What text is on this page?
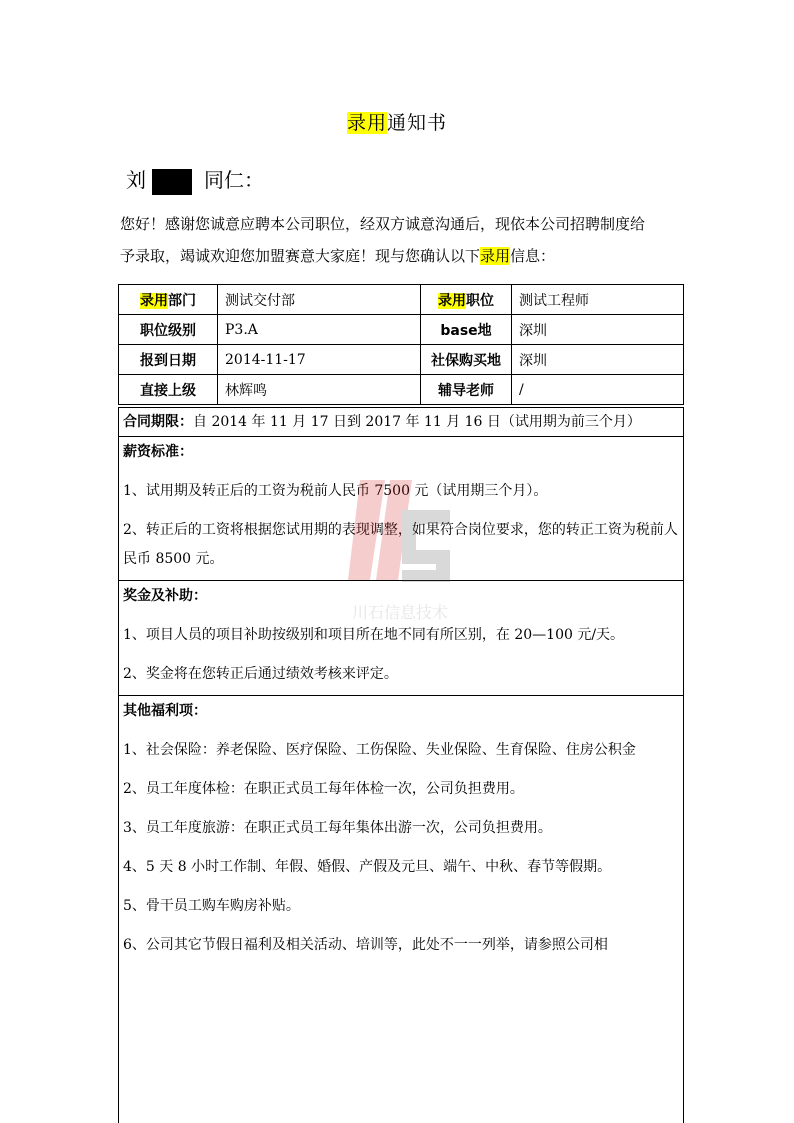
录用通知书
刘	同仁：
您好！感谢您诚意应聘本公司职位，经双方诚意沟通后，现依本公司招聘制度给
予录取，竭诚欢迎您加盟赛意大家庭！现与您确认以下录用信息：
录用部门	测试交付部	录用职位	测试工程师
职位级别	P3.A	base地	深圳
报到日期	2014-11-17	社保购买地	深圳
直接上级	林辉鸣	辅导老师	/
合同期限：自 2014 年 11 月 17 日到 2017 年 11 月 16 日（试用期为前三个月）
薪资标准：

1、试用期及转正后的工资为税前人民币 7500 元（试用期三个月）。

2、转正后的工资将根据您试用期的表现调整，如果符合岗位要求，您的转正工资为税前人民币 8500 元。

奖金及补助：

1、项目人员的项目补助按级别和项目所在地不同有所区别，在 20—100 元/天。

2、奖金将在您转正后通过绩效考核来评定。

其他福利项：

1、社会保险：养老保险、医疗保险、工伤保险、失业保险、生育保险、住房公积金

2、员工年度体检：在职正式员工每年体检一次，公司负担费用。

3、员工年度旅游：在职正式员工每年集体出游一次，公司负担费用。

4、5 天 8 小时工作制、年假、婚假、产假及元旦、端午、中秋、春节等假期。

5、骨干员工购车购房补贴。

6、公司其它节假日福利及相关活动、培训等，此处不一一列举，请参照公司相

川石信息技术
